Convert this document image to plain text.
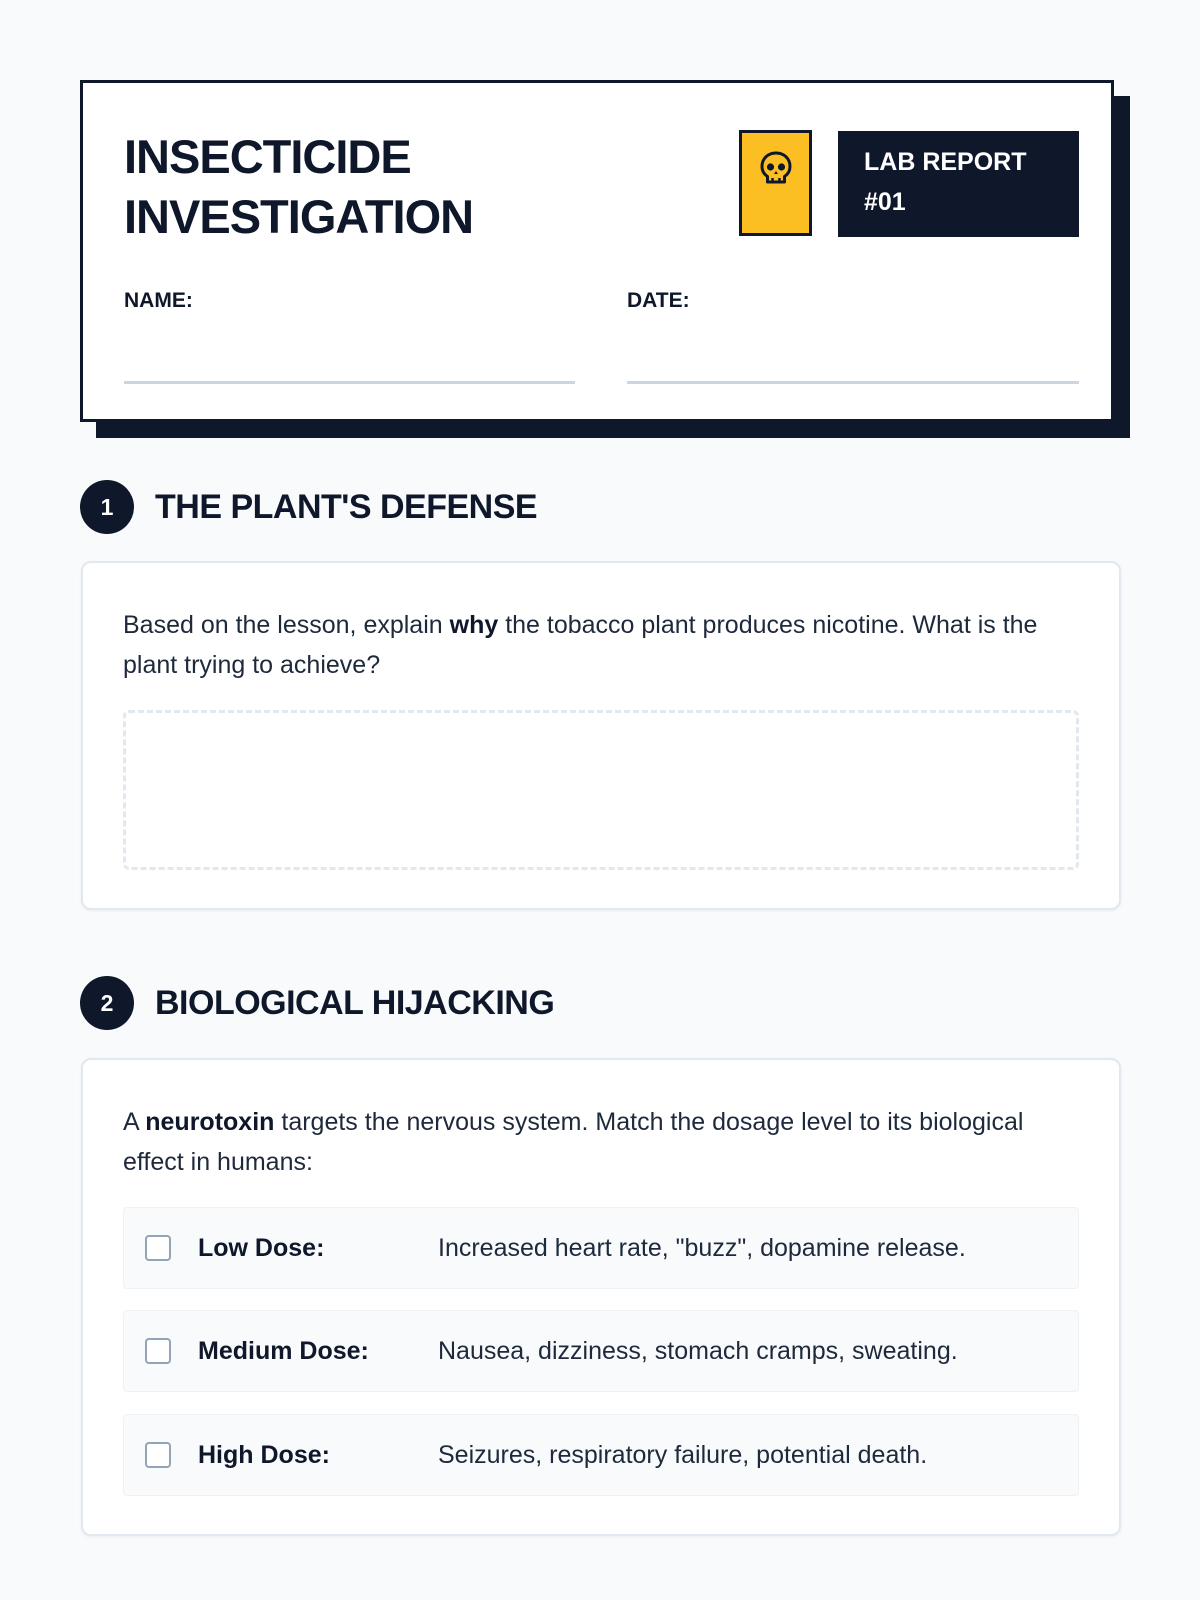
INSECTICIDE
INVESTIGATION
LAB REPORT
#01
NAME:	DATE:
1	THE PLANT'S DEFENSE
Based on the lesson, explain why the tobacco plant produces nicotine. What is the plant trying to achieve?
2	BIOLOGICAL HIJACKING
A neurotoxin targets the nervous system. Match the dosage level to its biological effect in humans:
Low Dose:	Increased heart rate, "buzz", dopamine release.
Medium Dose:	Nausea, dizziness, stomach cramps, sweating.
High Dose:	Seizures, respiratory failure, potential death.
